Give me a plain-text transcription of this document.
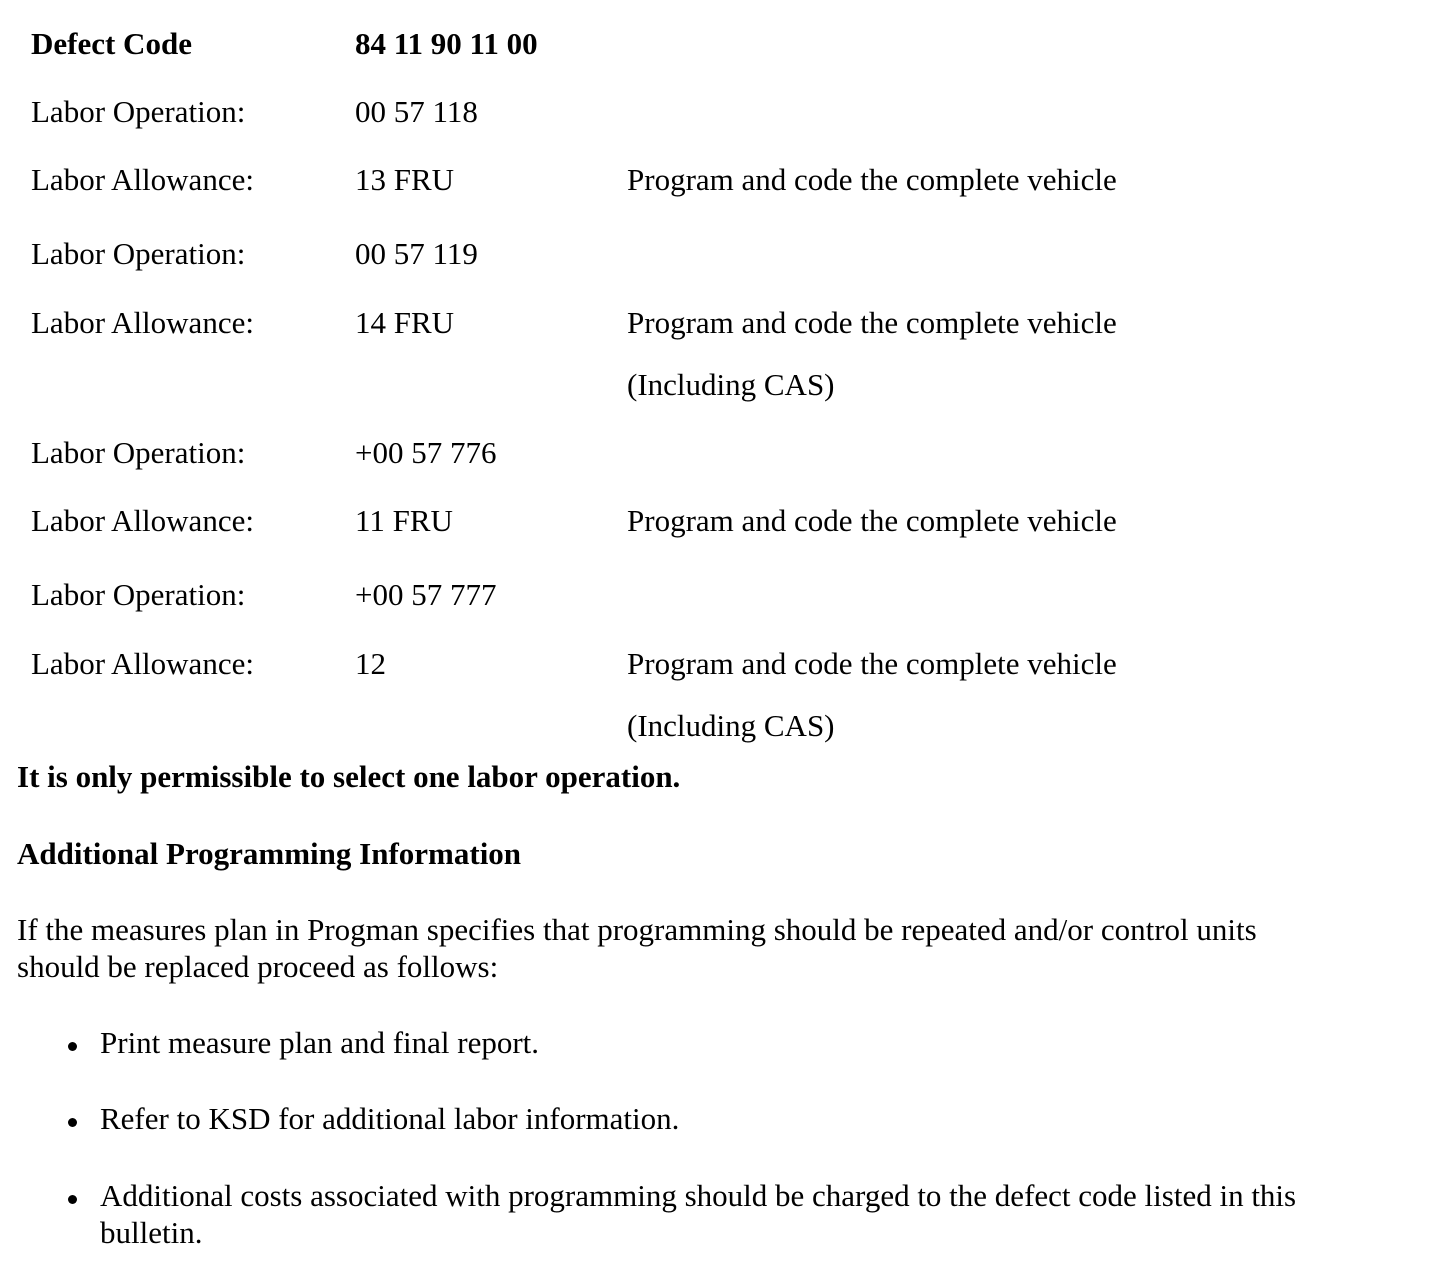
Defect Code	84 11 90 11 00
Labor Operation:	00 57 118
Labor Allowance:	13 FRU	Program and code the complete vehicle
Labor Operation:	00 57 119
Labor Allowance:	14 FRU	Program and code the complete vehicle
(Including CAS)
Labor Operation:	+00 57 776
Labor Allowance:	11 FRU	Program and code the complete vehicle
Labor Operation:	+00 57 777
Labor Allowance:	12	Program and code the complete vehicle
(Including CAS)
It is only permissible to select one labor operation.
Additional Programming Information
If the measures plan in Progman specifies that programming should be repeated and/or control units
should be replaced proceed as follows:
Print measure plan and final report.
Refer to KSD for additional labor information.
Additional costs associated with programming should be charged to the defect code listed in this
bulletin.
